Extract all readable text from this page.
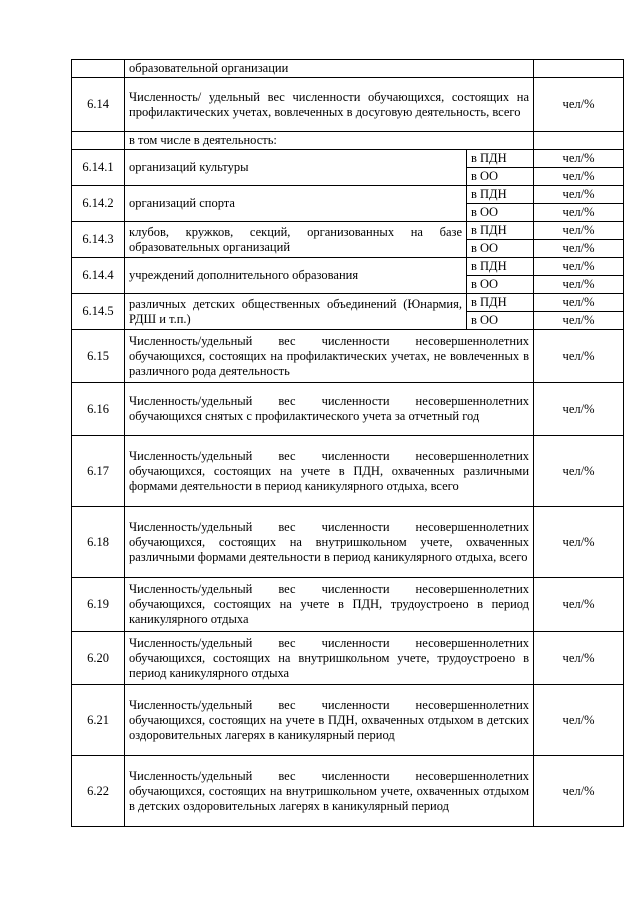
	образовательной организации		
6.14	Численность/ удельный вес численности обучающихся, состоящих на профилактических учетах, вовлеченных в досуговую деятельность, всего		чел/%
	в том числе в деятельность:		
6.14.1	организаций культуры	в ПДН	чел/%
		в ОО	чел/%
6.14.2	организаций спорта	в ПДН	чел/%
		в ОО	чел/%
6.14.3	клубов, кружков, секций, организованных на базе образовательных организаций	в ПДН	чел/%
		в ОО	чел/%
6.14.4	учреждений дополнительного образования	в ПДН	чел/%
		в ОО	чел/%
6.14.5	различных детских общественных объединений (Юнармия, РДШ и т.п.)	в ПДН	чел/%
		в ОО	чел/%
6.15	Численность/удельный вес численности несовершеннолетних обучающихся, состоящих на профилактических учетах, не вовлеченных в различного рода деятельность		чел/%
6.16	Численность/удельный вес численности несовершеннолетних обучающихся снятых с профилактического учета за отчетный год		чел/%
6.17	Численность/удельный вес численности несовершеннолетних обучающихся, состоящих на учете в ПДН, охваченных различными формами деятельности в период каникулярного отдыха, всего		чел/%
6.18	Численность/удельный вес численности несовершеннолетних обучающихся, состоящих на внутришкольном учете, охваченных различными формами деятельности в период каникулярного отдыха, всего		чел/%
6.19	Численность/удельный вес численности несовершеннолетних обучающихся, состоящих на учете в ПДН, трудоустроено в период каникулярного отдыха		чел/%
6.20	Численность/удельный вес численности несовершеннолетних обучающихся, состоящих на внутришкольном учете, трудоустроено в период каникулярного отдыха		чел/%
6.21	Численность/удельный вес численности несовершеннолетних обучающихся, состоящих на учете в ПДН, охваченных отдыхом в детских оздоровительных лагерях в каникулярный период		чел/%
6.22	Численность/удельный вес численности несовершеннолетних обучающихся, состоящих на внутришкольном учете, охваченных отдыхом в детских оздоровительных лагерях в каникулярный период		чел/%
